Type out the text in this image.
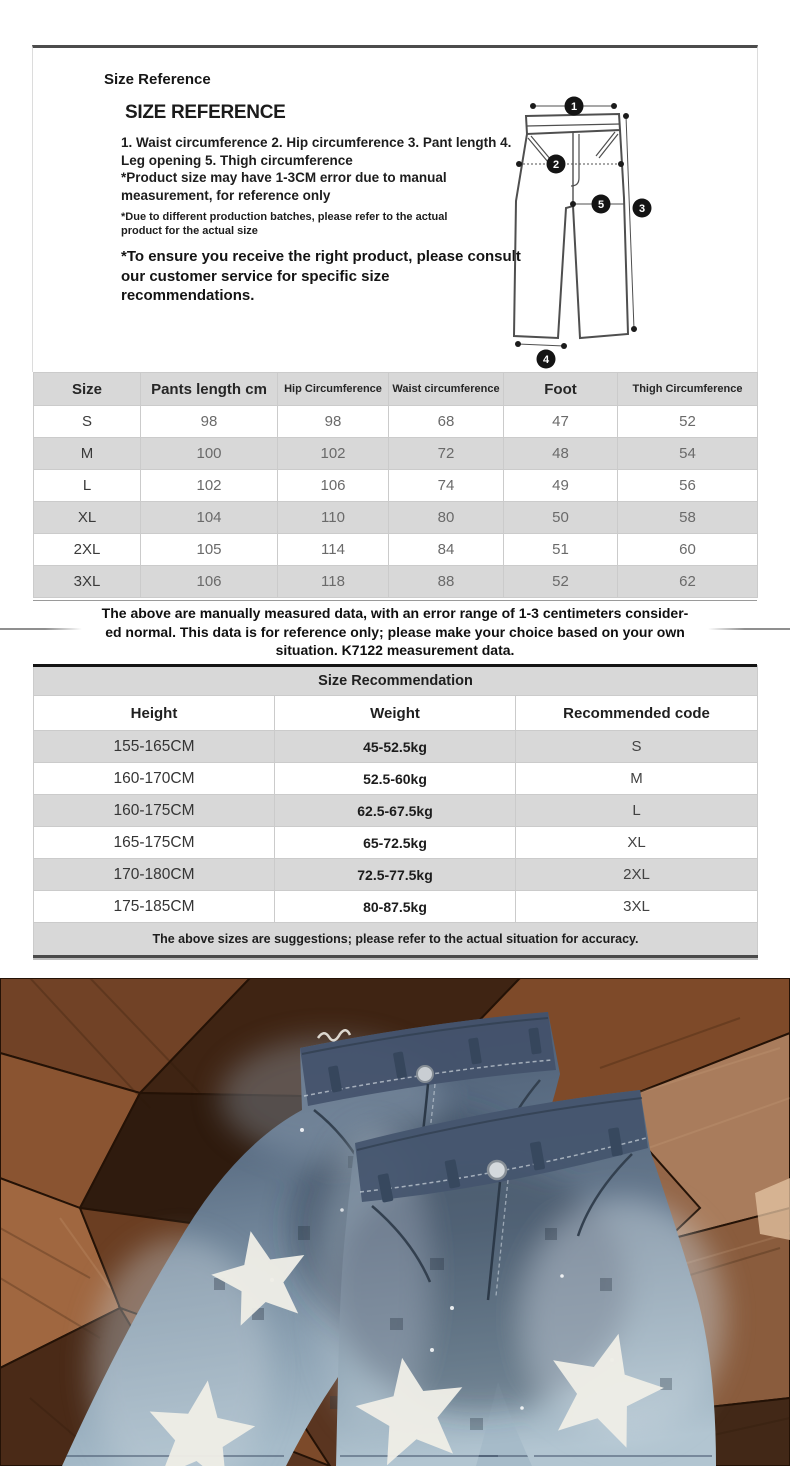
Size Reference
SIZE REFERENCE
1. Waist circumference 2. Hip circumference 3. Pant length 4. Leg opening 5. Thigh circumference
*Product size may have 1-3CM error due to manual measurement, for reference only
*Due to different production batches, please refer to the actual product for the actual size
*To ensure you receive the right product, please consult our customer service for specific size recommendations.
1
2
3
4
5
Size	Pants length cm	Hip Circumference	Waist circumference	Foot	Thigh Circumference
S	98	98	68	47	52
M	100	102	72	48	54
L	102	106	74	49	56
XL	104	110	80	50	58
2XL	105	114	84	51	60
3XL	106	118	88	52	62
The above are manually measured data, with an error range of 1-3 centimeters consider-
ed normal. This data is for reference only; please make your choice based on your own
situation. K7122 measurement data.
Size Recommendation		
Height	Weight	Recommended code
155-165CM	45-52.5kg	S
160-170CM	52.5-60kg	M
160-175CM	62.5-67.5kg	L
165-175CM	65-72.5kg	XL
170-180CM	72.5-77.5kg	2XL
175-185CM	80-87.5kg	3XL
The above sizes are suggestions; please refer to the actual situation for accuracy.		
